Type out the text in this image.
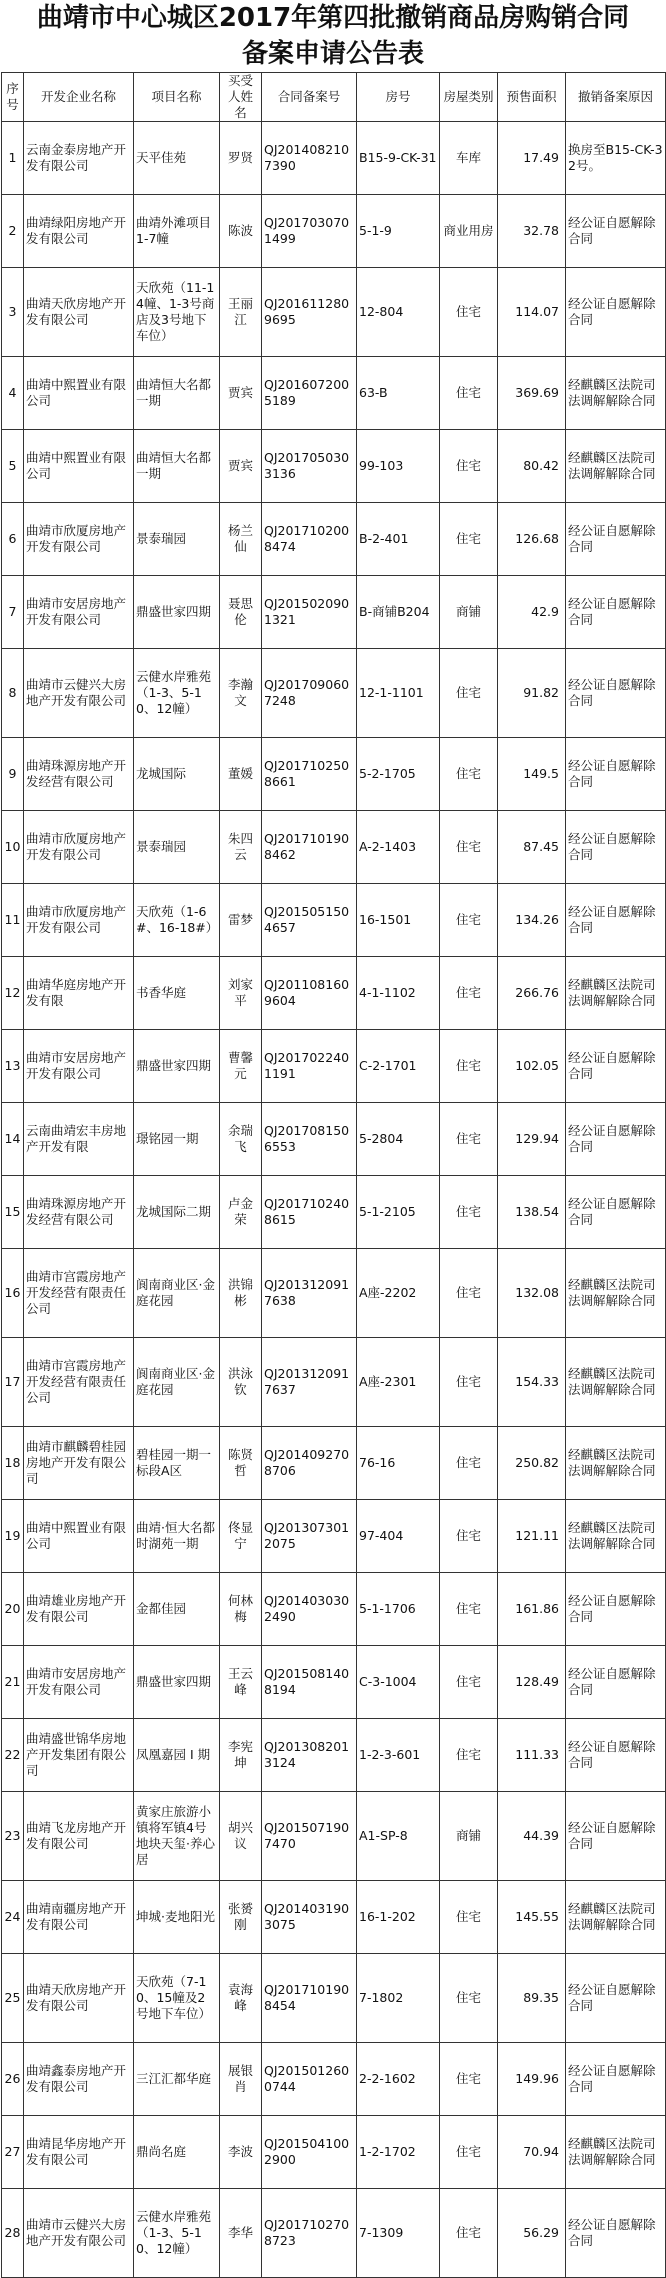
曲靖市中心城区2017年第四批撤销商品房购销合同
备案申请公告表
序号	开发企业名称	项目名称	买受人姓名	合同备案号	房号	房屋类别	预售面积	撤销备案原因
1	云南金泰房地产开发有限公司	天平佳苑	罗贤	QJ2014082107390	B15-9-CK-31	车库	17.49	换房至B15-CK-32号。
2	曲靖绿阳房地产开发有限公司	曲靖外滩项目1-7幢	陈波	QJ2017030701499	5-1-9	商业用房	32.78	经公证自愿解除合同
3	曲靖天欣房地产开发有限公司	天欣苑（11-14幢、1-3号商店及3号地下车位）	王丽江	QJ2016112809695	12-804	住宅	114.07	经公证自愿解除合同
4	曲靖中熙置业有限公司	曲靖恒大名都一期	贾宾	QJ2016072005189	63-B	住宅	369.69	经麒麟区法院司法调解解除合同
5	曲靖中熙置业有限公司	曲靖恒大名都一期	贾宾	QJ2017050303136	99-103	住宅	80.42	经麒麟区法院司法调解解除合同
6	曲靖市欣厦房地产开发有限公司	景泰瑞园	杨兰仙	QJ2017102008474	B-2-401	住宅	126.68	经公证自愿解除合同
7	曲靖市安居房地产开发有限公司	鼎盛世家四期	聂思伦	QJ2015020901321	B-商铺B204	商铺	42.9	经公证自愿解除合同
8	曲靖市云健兴大房地产开发有限公司	云健水岸雅苑（1-3、5-10、12幢）	李瀚文	QJ2017090607248	12-1-1101	住宅	91.82	经公证自愿解除合同
9	曲靖珠源房地产开发经营有限公司	龙城国际	董媛	QJ2017102508661	5-2-1705	住宅	149.5	经公证自愿解除合同
10	曲靖市欣厦房地产开发有限公司	景泰瑞园	朱四云	QJ2017101908462	A-2-1403	住宅	87.45	经公证自愿解除合同
11	曲靖市欣厦房地产开发有限公司	天欣苑（1-6#、16-18#）	雷梦	QJ2015051504657	16-1501	住宅	134.26	经公证自愿解除合同
12	曲靖华庭房地产开发有限	书香华庭	刘家平	QJ2011081609604	4-1-1102	住宅	266.76	经麒麟区法院司法调解解除合同
13	曲靖市安居房地产开发有限公司	鼎盛世家四期	曹馨元	QJ2017022401191	C-2-1701	住宅	102.05	经公证自愿解除合同
14	云南曲靖宏丰房地产开发有限	璟铭园一期	余瑞飞	QJ2017081506553	5-2804	住宅	129.94	经公证自愿解除合同
15	曲靖珠源房地产开发经营有限公司	龙城国际二期	卢金荣	QJ2017102408615	5-1-2105	住宅	138.54	经公证自愿解除合同
16	曲靖市宫霞房地产开发经营有限责任公司	阆南商业区·金庭花园	洪锦彬	QJ2013120917638	A座-2202	住宅	132.08	经麒麟区法院司法调解解除合同
17	曲靖市宫霞房地产开发经营有限责任公司	阆南商业区·金庭花园	洪泳钦	QJ2013120917637	A座-2301	住宅	154.33	经麒麟区法院司法调解解除合同
18	曲靖市麒麟碧桂园房地产开发有限公司	碧桂园一期一标段A区	陈贤哲	QJ2014092708706	76-16	住宅	250.82	经麒麟区法院司法调解解除合同
19	曲靖中熙置业有限公司	曲靖·恒大名都时湖苑一期	佟显宁	QJ2013073012075	97-404	住宅	121.11	经麒麟区法院司法调解解除合同
20	曲靖雄业房地产开发有限公司	金都佳园	何林梅	QJ2014030302490	5-1-1706	住宅	161.86	经公证自愿解除合同
21	曲靖市安居房地产开发有限公司	鼎盛世家四期	王云峰	QJ2015081408194	C-3-1004	住宅	128.49	经公证自愿解除合同
22	曲靖盛世锦华房地产开发集团有限公司	凤凰嘉园 I 期	李宪坤	QJ2013082013124	1-2-3-601	住宅	111.33	经公证自愿解除合同
23	曲靖飞龙房地产开发有限公司	黄家庄旅游小镇将军镇4号地块天玺·养心居	胡兴议	QJ2015071907470	A1-SP-8	商铺	44.39	经公证自愿解除合同
24	曲靖南疆房地产开发有限公司	坤城·麦地阳光	张赟刚	QJ2014031903075	16-1-202	住宅	145.55	经麒麟区法院司法调解解除合同
25	曲靖天欣房地产开发有限公司	天欣苑（7-10、15幢及2号地下车位）	袁海峰	QJ2017101908454	7-1802	住宅	89.35	经公证自愿解除合同
26	曲靖鑫泰房地产开发有限公司	三江汇都华庭	展银肖	QJ2015012600744	2-2-1602	住宅	149.96	经公证自愿解除合同
27	曲靖昆华房地产开发有限公司	鼎尚名庭	李波	QJ2015041002900	1-2-1702	住宅	70.94	经麒麟区法院司法调解解除合同
28	曲靖市云健兴大房地产开发有限公司	云健水岸雅苑（1-3、5-10、12幢）	李华	QJ2017102708723	7-1309	住宅	56.29	经公证自愿解除合同
